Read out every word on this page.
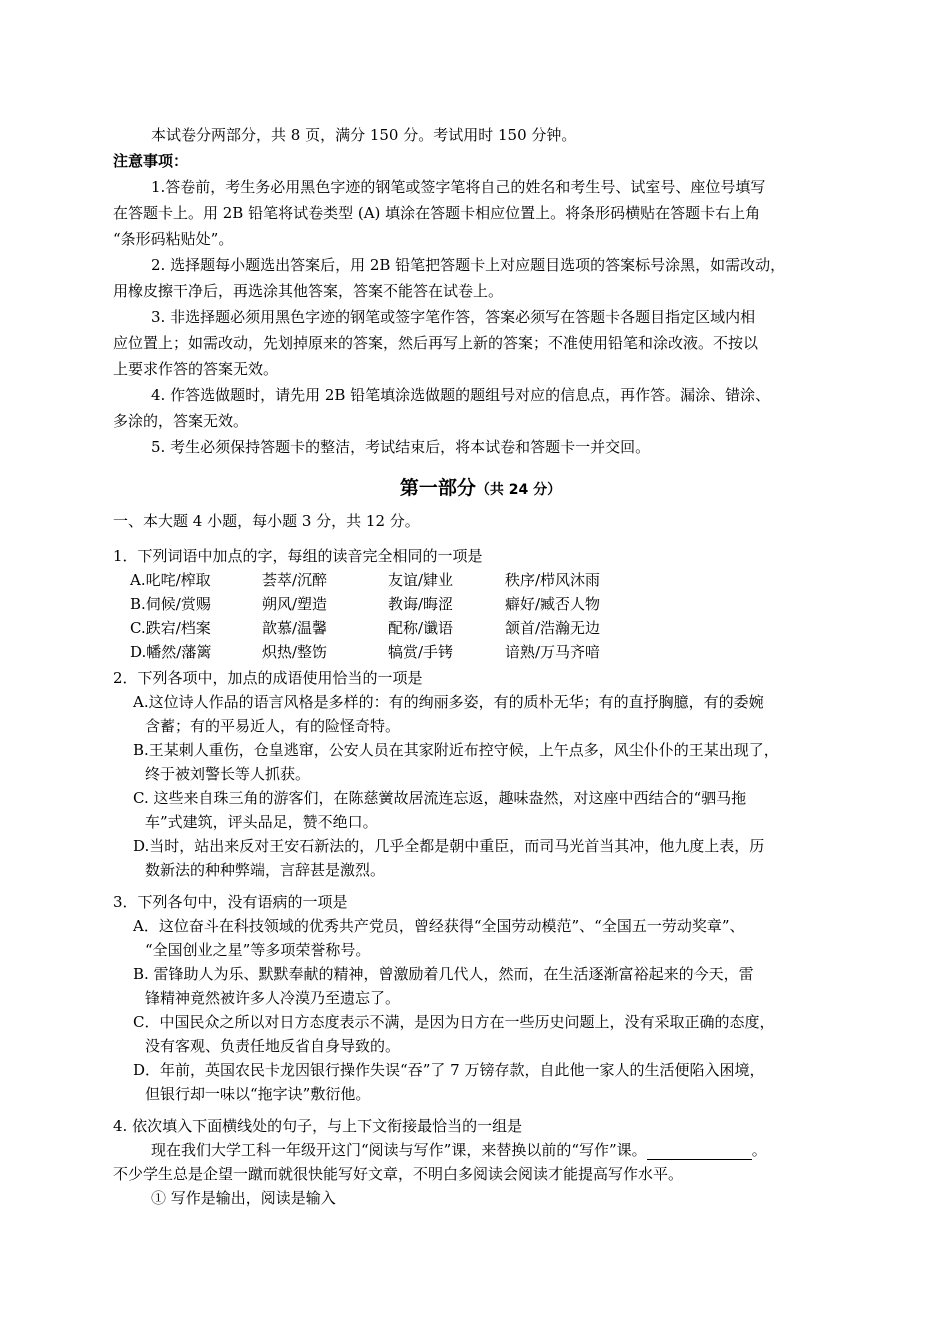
本试卷分两部分，共 8 页，满分 150 分。考试用时 150 分钟。
注意事项：
1.答卷前，考生务必用黑色字迹的钢笔或签字笔将自己的姓名和考生号、试室号、座位号填写
在答题卡上。用 2B 铅笔将试卷类型 (A) 填涂在答题卡相应位置上。将条形码横贴在答题卡右上角
“条形码粘贴处”。
2. 选择题每小题选出答案后，用 2B 铅笔把答题卡上对应题目选项的答案标号涂黑，如需改动，
用橡皮擦干净后，再选涂其他答案，答案不能答在试卷上。
3. 非选择题必须用黑色字迹的钢笔或签字笔作答，答案必须写在答题卡各题目指定区域内相
应位置上；如需改动，先划掉原来的答案，然后再写上新的答案；不准使用铅笔和涂改液。不按以
上要求作答的答案无效。
4. 作答选做题时，请先用 2B 铅笔填涂选做题的题组号对应的信息点，再作答。漏涂、错涂、
多涂的，答案无效。
5. 考生必须保持答题卡的整洁，考试结束后，将本试卷和答题卡一并交回。
第一部分（共 24 分）
一、本大题 4 小题，每小题 3 分，共 12 分。
1．下列词语中加点的字，每组的读音完全相同的一项是
A.叱咤/榨取	荟萃/沉醉	友谊/肄业	秩序/栉风沐雨
B.伺候/赏赐	朔风/塑造	教诲/晦涩	癖好/臧否人物
C.跌宕/档案	歆慕/温馨	配称/谶语	颔首/浩瀚无边
D.幡然/藩篱	炽热/整饬	犒赏/手铐	谙熟/万马齐喑
2．下列各项中，加点的成语使用恰当的一项是
A.这位诗人作品的语言风格是多样的：有的绚丽多姿，有的质朴无华；有的直抒胸臆，有的委婉
含蓄；有的平易近人，有的险怪奇特。
B.王某刺人重伤，仓皇逃窜，公安人员在其家附近布控守候，上午点多，风尘仆仆的王某出现了，
终于被刘警长等人抓获。
C. 这些来自珠三角的游客们，在陈慈黉故居流连忘返，趣味盎然，对这座中西结合的“驷马拖
车”式建筑，评头品足，赞不绝口。
D.当时，站出来反对王安石新法的，几乎全都是朝中重臣，而司马光首当其冲，他九度上表，历
数新法的种种弊端，言辞甚是激烈。
3．下列各句中，没有语病的一项是
A．这位奋斗在科技领域的优秀共产党员，曾经获得“全国劳动模范”、“全国五一劳动奖章”、
“全国创业之星”等多项荣誉称号。
B. 雷锋助人为乐、默默奉献的精神，曾激励着几代人，然而，在生活逐渐富裕起来的今天，雷
锋精神竟然被许多人冷漠乃至遗忘了。
C．中国民众之所以对日方态度表示不满，是因为日方在一些历史问题上，没有采取正确的态度，
没有客观、负责任地反省自身导致的。
D．年前，英国农民卡龙因银行操作失误“吞”了 7 万镑存款，自此他一家人的生活便陷入困境，
但银行却一味以“拖字诀”敷衍他。
4. 依次填入下面横线处的句子，与上下文衔接最恰当的一组是
现在我们大学工科一年级开这门“阅读与写作”课，来替换以前的“写作”课。	。
不少学生总是企望一蹴而就很快能写好文章，不明白多阅读会阅读才能提高写作水平。
① 写作是输出，阅读是输入
